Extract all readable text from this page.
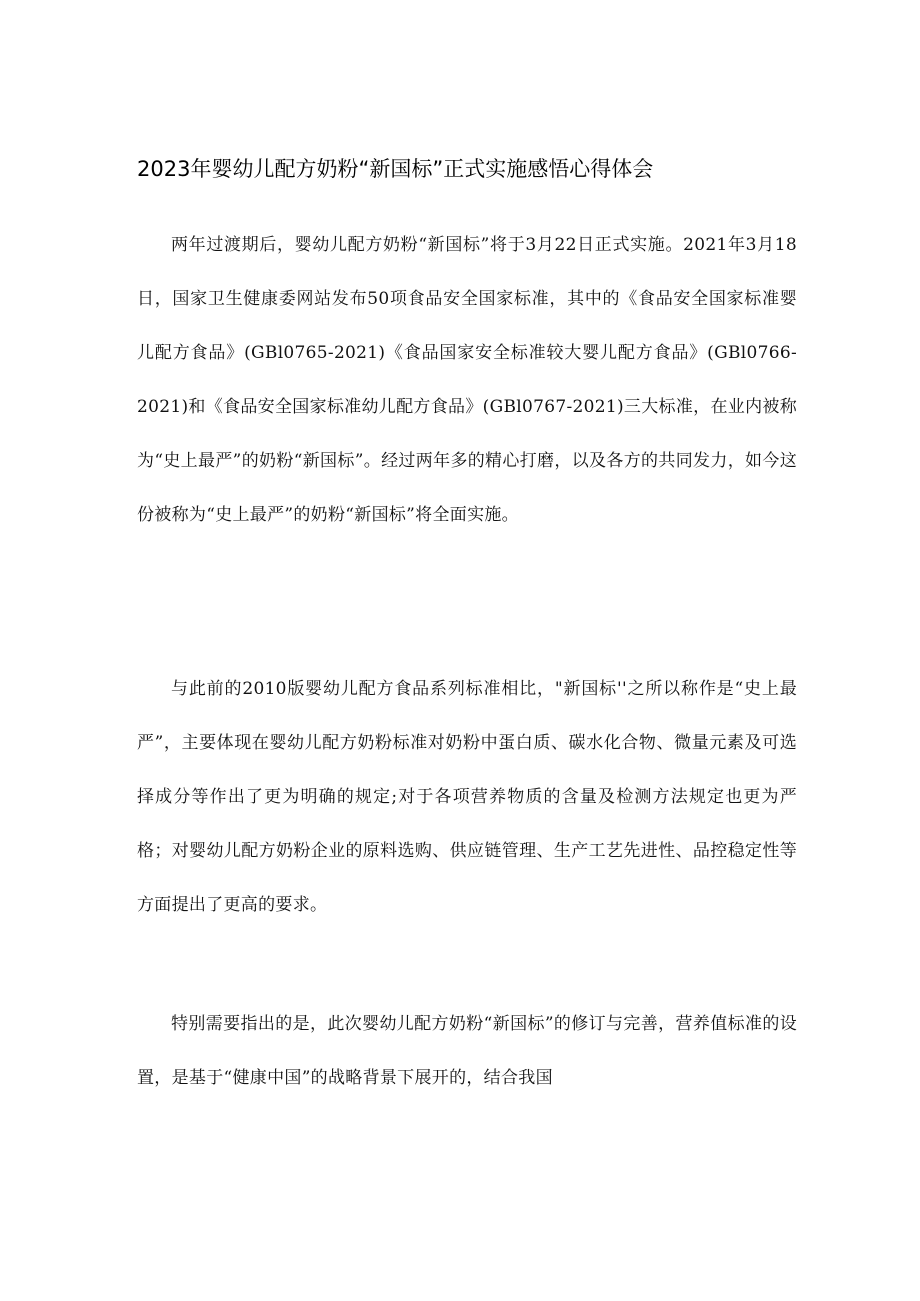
2023年婴幼儿配方奶粉“新国标”正式实施感悟心得体会

两年过渡期后，婴幼儿配方奶粉“新国标”将于3月22日正式实施。2021年3月18日，国家卫生健康委网站发布50项食品安全国家标准，其中的《食品安全国家标准婴儿配方食品》(GBl0765-2021)《食品国家安全标准较大婴儿配方食品》(GBl0766-2021)和《食品安全国家标准幼儿配方食品》(GBl0767-2021)三大标准，在业内被称为“史上最严”的奶粉“新国标”。经过两年多的精心打磨，以及各方的共同发力，如今这份被称为“史上最严”的奶粉“新国标”将全面实施。

与此前的2010版婴幼儿配方食品系列标准相比，"新国标''之所以称作是“史上最严”，主要体现在婴幼儿配方奶粉标准对奶粉中蛋白质、碳水化合物、微量元素及可选择成分等作出了更为明确的规定;对于各项营养物质的含量及检测方法规定也更为严格；对婴幼儿配方奶粉企业的原料选购、供应链管理、生产工艺先进性、品控稳定性等方面提出了更高的要求。

特别需要指出的是，此次婴幼儿配方奶粉“新国标”的修订与完善，营养值标准的设置，是基于“健康中国”的战略背景下展开的，结合我国
